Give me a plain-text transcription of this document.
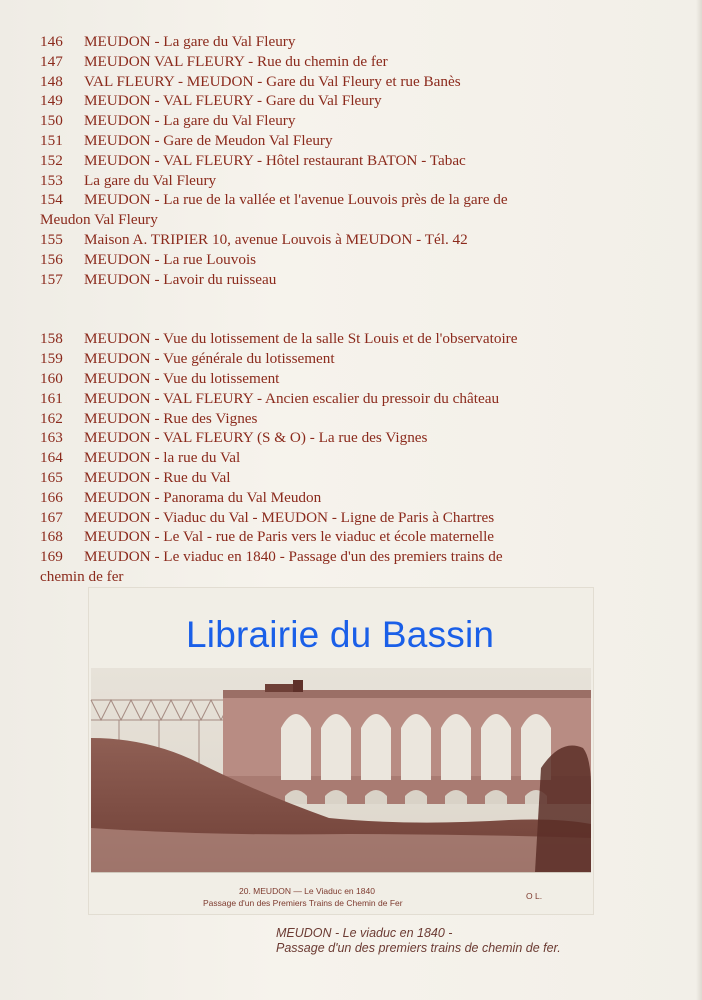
146	MEUDON - La gare du Val Fleury
147	MEUDON VAL FLEURY - Rue du chemin de fer
148	VAL FLEURY - MEUDON - Gare du Val Fleury et rue Banès
149	MEUDON - VAL FLEURY - Gare du Val Fleury
150	MEUDON - La gare du Val Fleury
151	MEUDON - Gare de Meudon Val Fleury
152	MEUDON - VAL FLEURY - Hôtel restaurant BATON - Tabac
153	La gare du Val Fleury
154	MEUDON - La rue de la vallée et l'avenue Louvois près de la gare de
Meudon Val Fleury
155	Maison A. TRIPIER 10, avenue Louvois à MEUDON - Tél. 42
156	MEUDON - La rue Louvois
157	MEUDON - Lavoir du ruisseau
158	MEUDON - Vue du lotissement de la salle St Louis et de l'observatoire
159	MEUDON - Vue générale du lotissement
160	MEUDON - Vue du lotissement
161	MEUDON - VAL FLEURY - Ancien escalier du pressoir du château
162	MEUDON - Rue des Vignes
163	MEUDON - VAL FLEURY (S & O) - La rue des Vignes
164	MEUDON - la rue du Val
165	MEUDON - Rue du Val
166	MEUDON - Panorama du Val Meudon
167	MEUDON - Viaduc du Val - MEUDON - Ligne de Paris à Chartres
168	MEUDON - Le Val - rue de Paris vers le viaduc et école maternelle
169	MEUDON - Le viaduc en 1840 - Passage d'un des premiers trains de
chemin de fer
20. MEUDON — Le Viaduc en 1840
Passage d'un des Premiers Trains de Chemin de Fer
O L.
Librairie du Bassin
MEUDON - Le viaduc en 1840 -
Passage d'un des premiers trains de chemin de fer.
